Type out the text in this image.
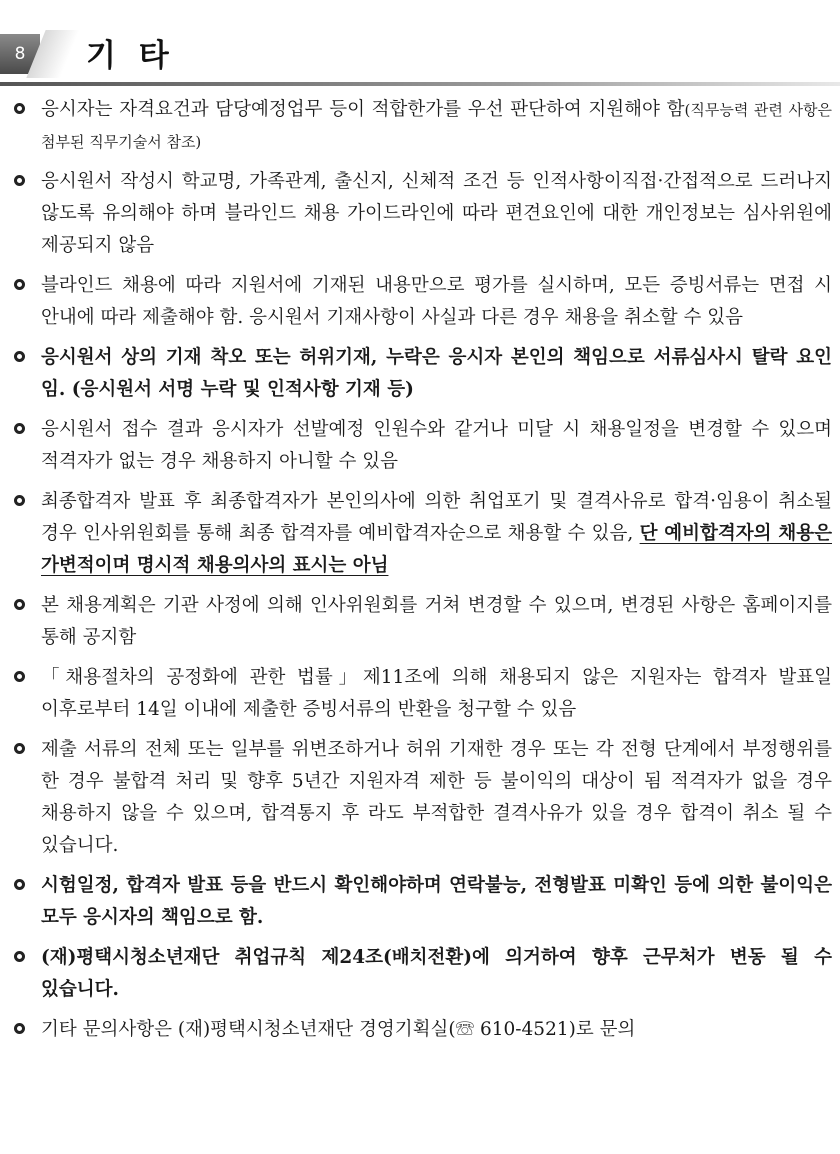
8	기 타
응시자는 자격요건과 담당예정업무 등이 적합한가를 우선 판단하여 지원해야 함(직무능력 관련 사항은 첨부된 직무기술서 참조)
응시원서 작성시 학교명, 가족관계, 출신지, 신체적 조건 등 인적사항이직접·간접적으로 드러나지 않도록 유의해야 하며 블라인드 채용 가이드라인에 따라 편견요인에 대한 개인정보는 심사위원에 제공되지 않음
블라인드 채용에 따라 지원서에 기재된 내용만으로 평가를 실시하며, 모든 증빙서류는 면접 시 안내에 따라 제출해야 함. 응시원서 기재사항이 사실과 다른 경우 채용을 취소할 수 있음
응시원서 상의 기재 착오 또는 허위기재, 누락은 응시자 본인의 책임으로 서류심사시 탈락 요인 임. (응시원서 서명 누락 및 인적사항 기재 등)
응시원서 접수 결과 응시자가 선발예정 인원수와 같거나 미달 시 채용일정을 변경할 수 있으며 적격자가 없는 경우 채용하지 아니할 수 있음
최종합격자 발표 후 최종합격자가 본인의사에 의한 취업포기 및 결격사유로 합격·임용이 취소될 경우 인사위원회를 통해 최종 합격자를 예비합격자순으로 채용할 수 있음, 단 예비합격자의 채용은 가변적이며 명시적 채용의사의 표시는 아님
본 채용계획은 기관 사정에 의해 인사위원회를 거쳐 변경할 수 있으며, 변경된 사항은 홈페이지를 통해 공지함
「채용절차의 공정화에 관한 법률」제11조에 의해 채용되지 않은 지원자는 합격자 발표일 이후로부터 14일 이내에 제출한 증빙서류의 반환을 청구할 수 있음
제출 서류의 전체 또는 일부를 위변조하거나 허위 기재한 경우 또는 각 전형 단계에서 부정행위를 한 경우 불합격 처리 및 향후 5년간 지원자격 제한 등 불이익의 대상이 됨 적격자가 없을 경우 채용하지 않을 수 있으며, 합격통지 후 라도 부적합한 결격사유가 있을 경우 합격이 취소 될 수 있습니다.
시험일정, 합격자 발표 등을 반드시 확인해야하며 연락불능, 전형발표 미확인 등에 의한 불이익은 모두 응시자의 책임으로 함.
(재)평택시청소년재단 취업규칙 제24조(배치전환)에 의거하여 향후 근무처가 변동 될 수 있습니다.
기타 문의사항은 (재)평택시청소년재단 경영기획실(☏ 610-4521)로 문의
